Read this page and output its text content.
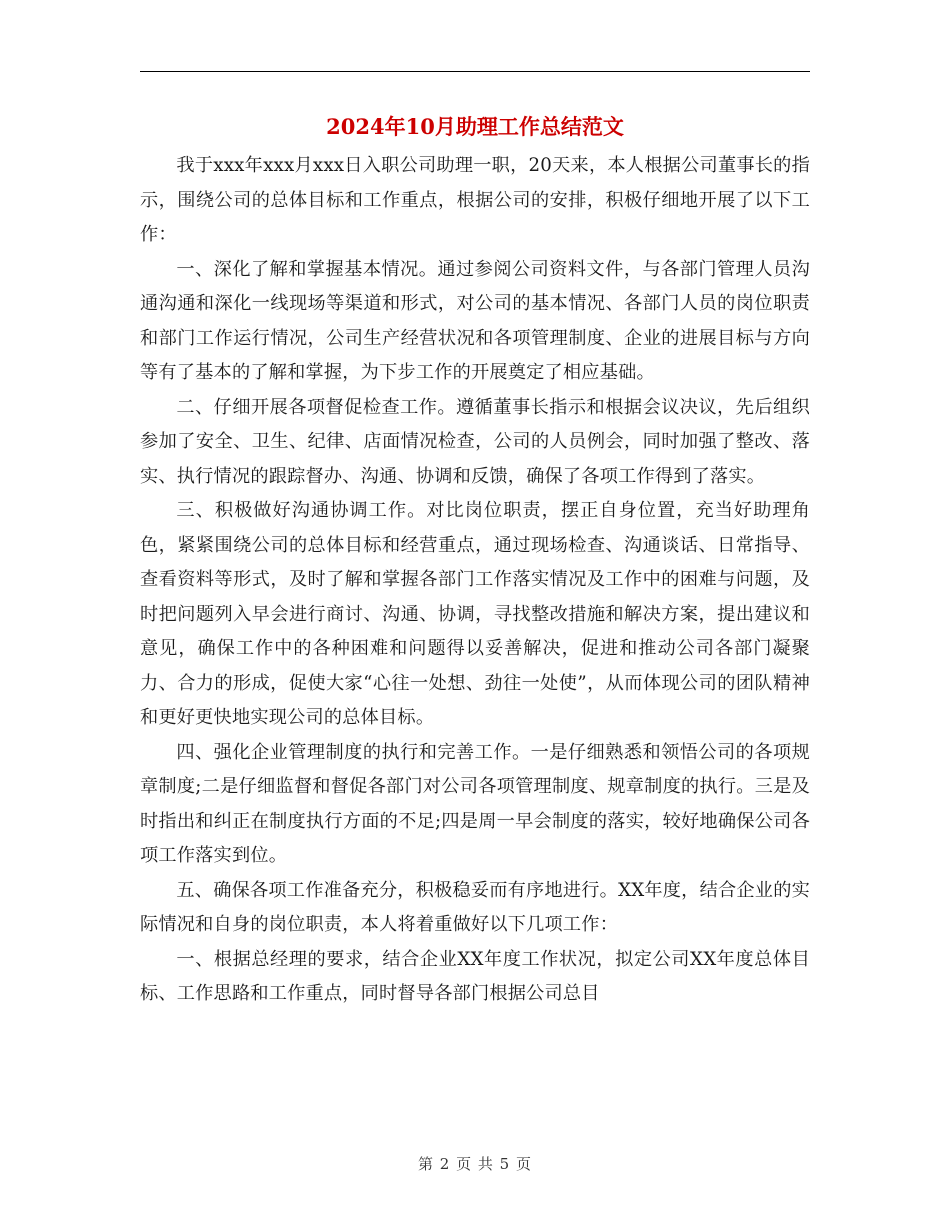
2024年10月助理工作总结范文

我于xxx年xxx月xxx日入职公司助理一职，20天来，本人根据公司董事长的指示，围绕公司的总体目标和工作重点，根据公司的安排，积极仔细地开展了以下工作：

一、深化了解和掌握基本情况。通过参阅公司资料文件，与各部门管理人员沟通沟通和深化一线现场等渠道和形式，对公司的基本情况、各部门人员的岗位职责和部门工作运行情况，公司生产经营状况和各项管理制度、企业的进展目标与方向等有了基本的了解和掌握，为下步工作的开展奠定了相应基础。

二、仔细开展各项督促检查工作。遵循董事长指示和根据会议决议，先后组织参加了安全、卫生、纪律、店面情况检查，公司的人员例会，同时加强了整改、落实、执行情况的跟踪督办、沟通、协调和反馈，确保了各项工作得到了落实。

三、积极做好沟通协调工作。对比岗位职责，摆正自身位置，充当好助理角色，紧紧围绕公司的总体目标和经营重点，通过现场检查、沟通谈话、日常指导、查看资料等形式，及时了解和掌握各部门工作落实情况及工作中的困难与问题，及时把问题列入早会进行商讨、沟通、协调，寻找整改措施和解决方案，提出建议和意见，确保工作中的各种困难和问题得以妥善解决，促进和推动公司各部门凝聚力、合力的形成，促使大家“心往一处想、劲往一处使”，从而体现公司的团队精神和更好更快地实现公司的总体目标。

四、强化企业管理制度的执行和完善工作。一是仔细熟悉和领悟公司的各项规章制度;二是仔细监督和督促各部门对公司各项管理制度、规章制度的执行。三是及时指出和纠正在制度执行方面的不足;四是周一早会制度的落实，较好地确保公司各项工作落实到位。

五、确保各项工作准备充分，积极稳妥而有序地进行。XX年度，结合企业的实际情况和自身的岗位职责，本人将着重做好以下几项工作：

一、根据总经理的要求，结合企业XX年度工作状况，拟定公司XX年度总体目标、工作思路和工作重点，同时督导各部门根据公司总目

第 2 页 共 5 页
